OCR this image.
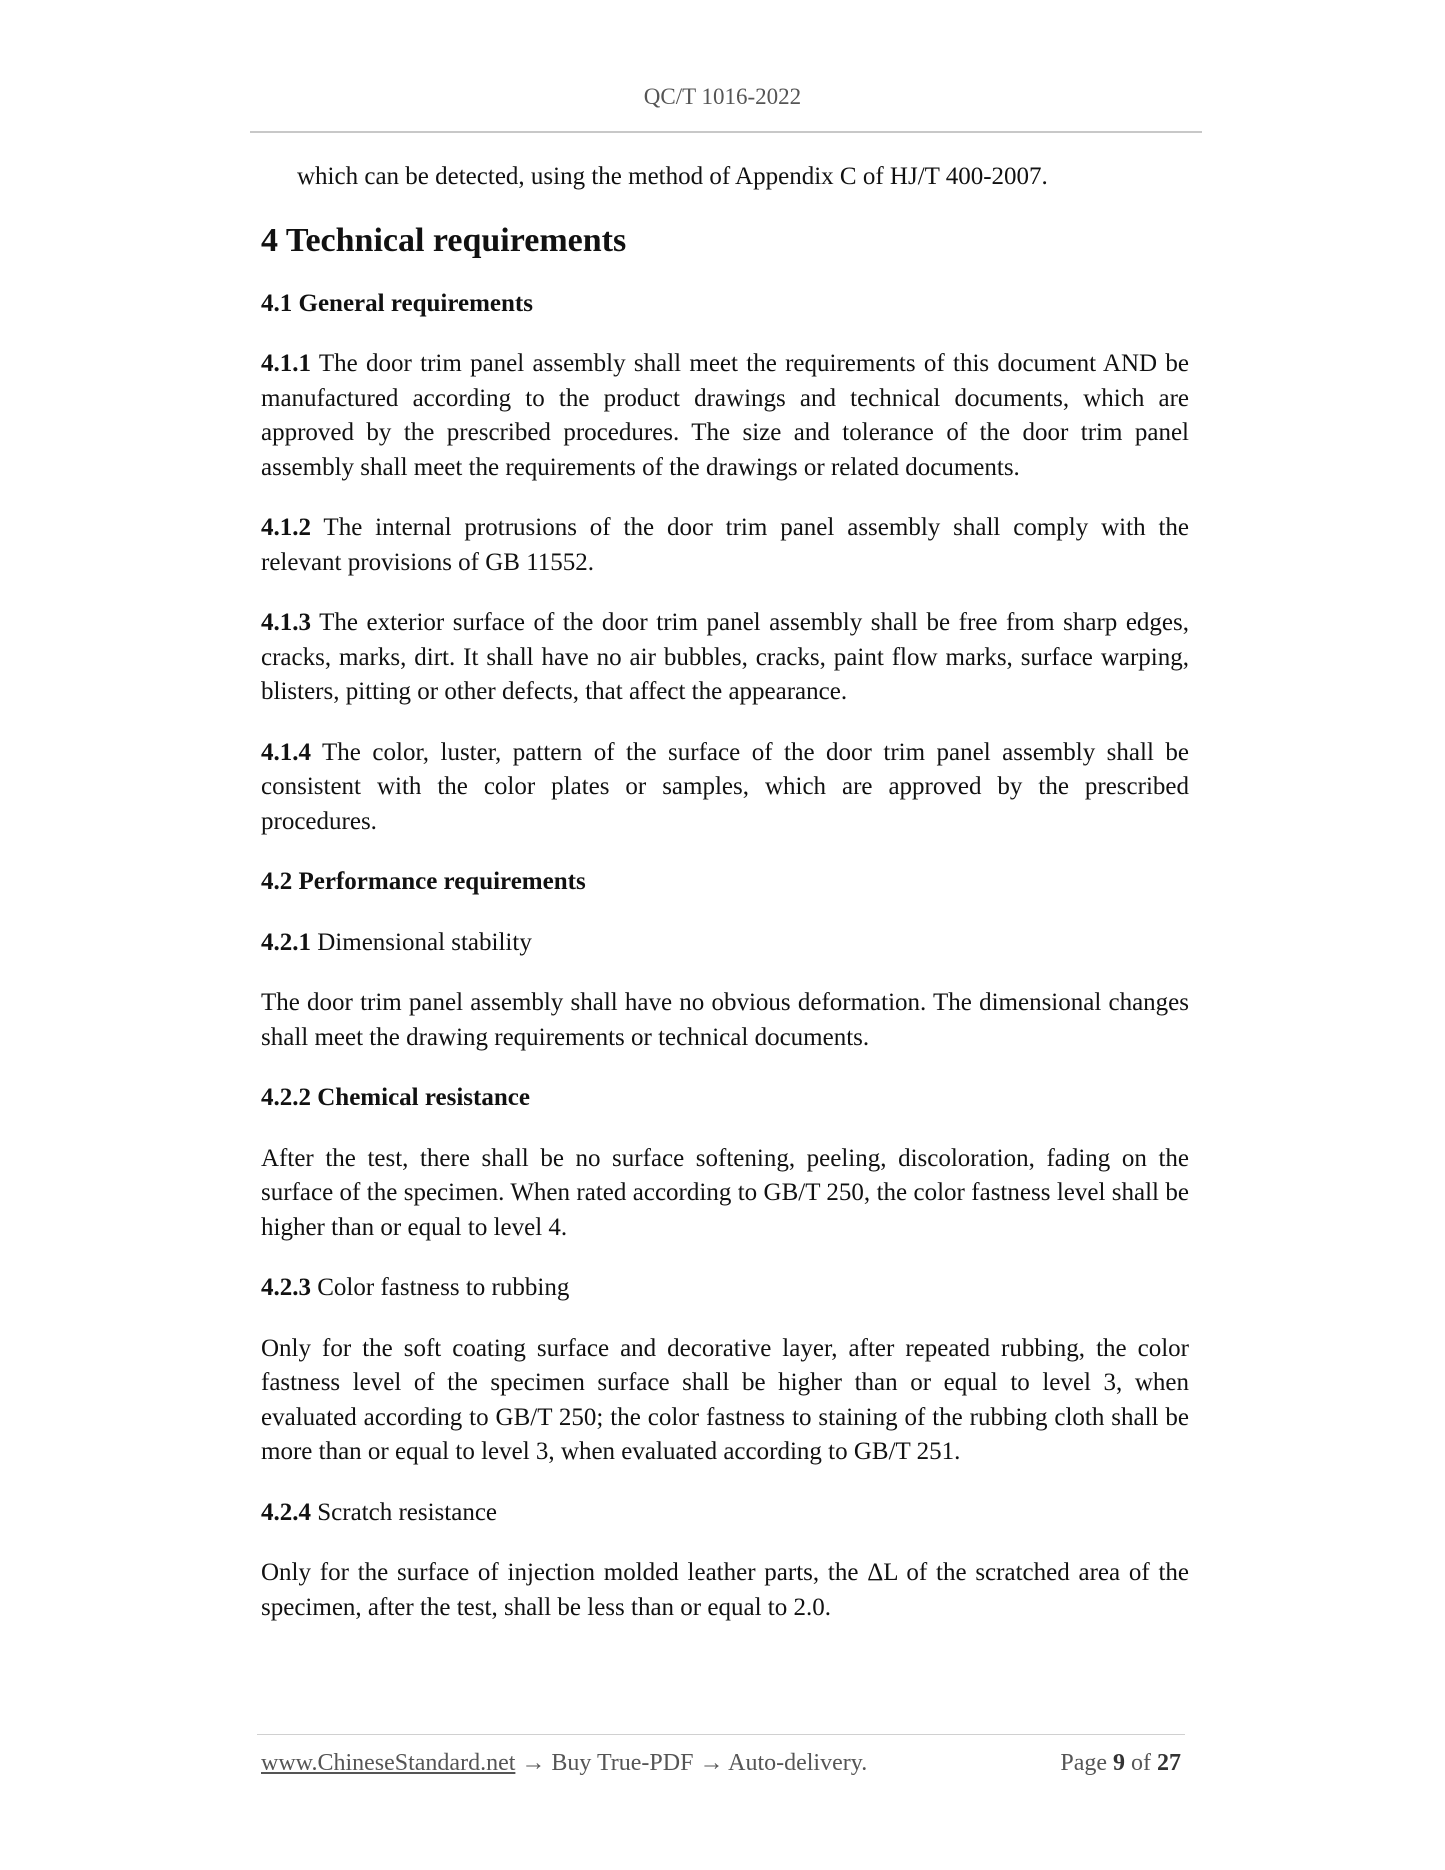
QC/T 1016-2022

which can be detected, using the method of Appendix C of HJ/T 400-2007.

4 Technical requirements

4.1 General requirements

4.1.1 The door trim panel assembly shall meet the requirements of this document AND be manufactured according to the product drawings and technical documents, which are approved by the prescribed procedures. The size and tolerance of the door trim panel assembly shall meet the requirements of the drawings or related documents.

4.1.2 The internal protrusions of the door trim panel assembly shall comply with the relevant provisions of GB 11552.

4.1.3 The exterior surface of the door trim panel assembly shall be free from sharp edges, cracks, marks, dirt. It shall have no air bubbles, cracks, paint flow marks, surface warping, blisters, pitting or other defects, that affect the appearance.

4.1.4 The color, luster, pattern of the surface of the door trim panel assembly shall be consistent with the color plates or samples, which are approved by the prescribed procedures.

4.2 Performance requirements

4.2.1 Dimensional stability

The door trim panel assembly shall have no obvious deformation. The dimensional changes shall meet the drawing requirements or technical documents.

4.2.2 Chemical resistance

After the test, there shall be no surface softening, peeling, discoloration, fading on the surface of the specimen. When rated according to GB/T 250, the color fastness level shall be higher than or equal to level 4.

4.2.3 Color fastness to rubbing

Only for the soft coating surface and decorative layer, after repeated rubbing, the color fastness level of the specimen surface shall be higher than or equal to level 3, when evaluated according to GB/T 250; the color fastness to staining of the rubbing cloth shall be more than or equal to level 3, when evaluated according to GB/T 251.

4.2.4 Scratch resistance

Only for the surface of injection molded leather parts, the ΔL of the scratched area of the specimen, after the test, shall be less than or equal to 2.0.

www.ChineseStandard.net → Buy True-PDF → Auto-delivery.	Page 9 of 27
